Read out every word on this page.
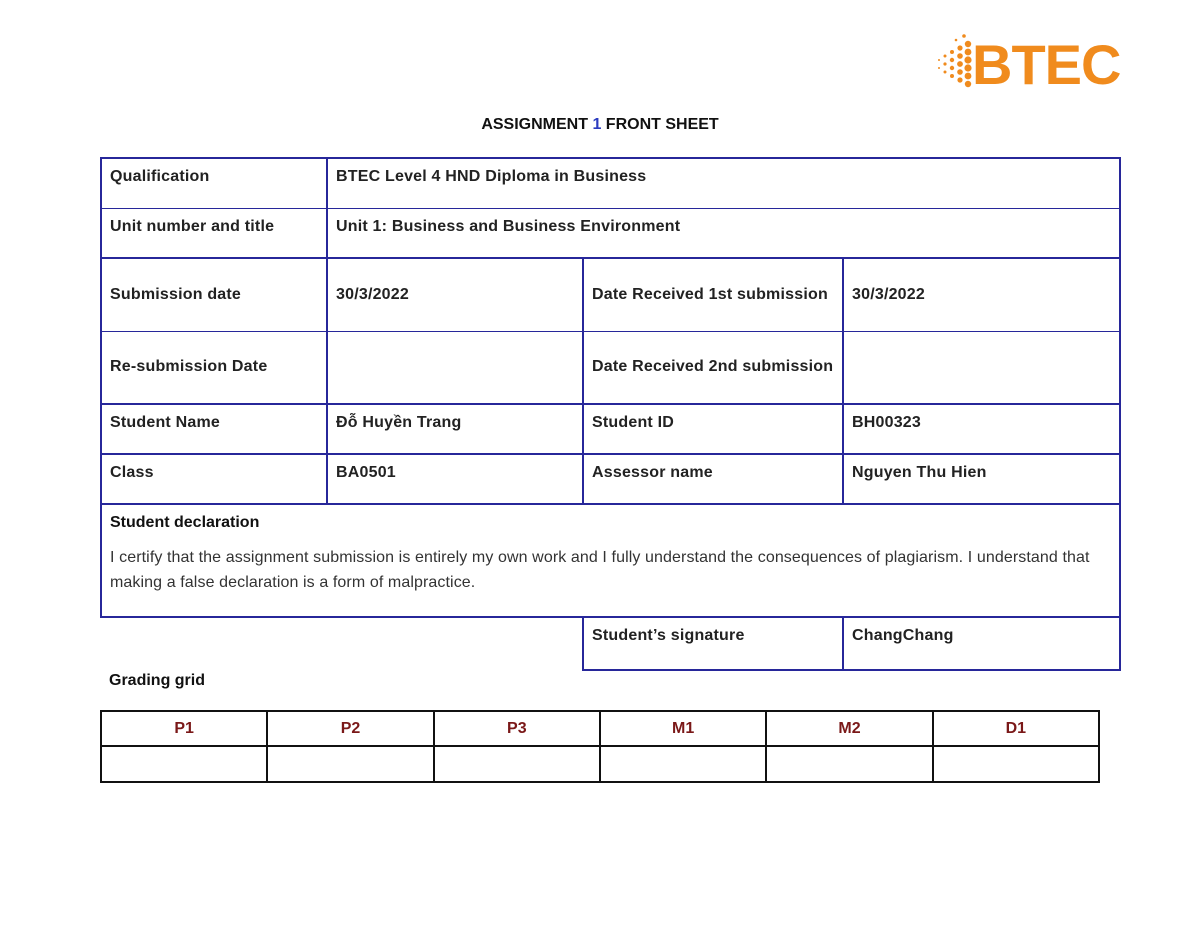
BTEC
ASSIGNMENT 1 FRONT SHEET
Qualification	BTEC Level 4 HND Diploma in Business		
Unit number and title	Unit 1: Business and Business Environment		
Submission date	30/3/2022	Date Received 1st submission	30/3/2022
Re-submission Date		Date Received 2nd submission	
Student Name	Đỗ Huyền Trang	Student ID	BH00323
Class	BA0501	Assessor name	Nguyen Thu Hien

Student declaration
I certify that the assignment submission is entirely my own work and I fully understand the consequences of plagiarism. I understand that making a false declaration is a form of malpractice.			

		Student’s signature	ChangChang
Grading grid
P1	P2	P3	M1	M2	D1
